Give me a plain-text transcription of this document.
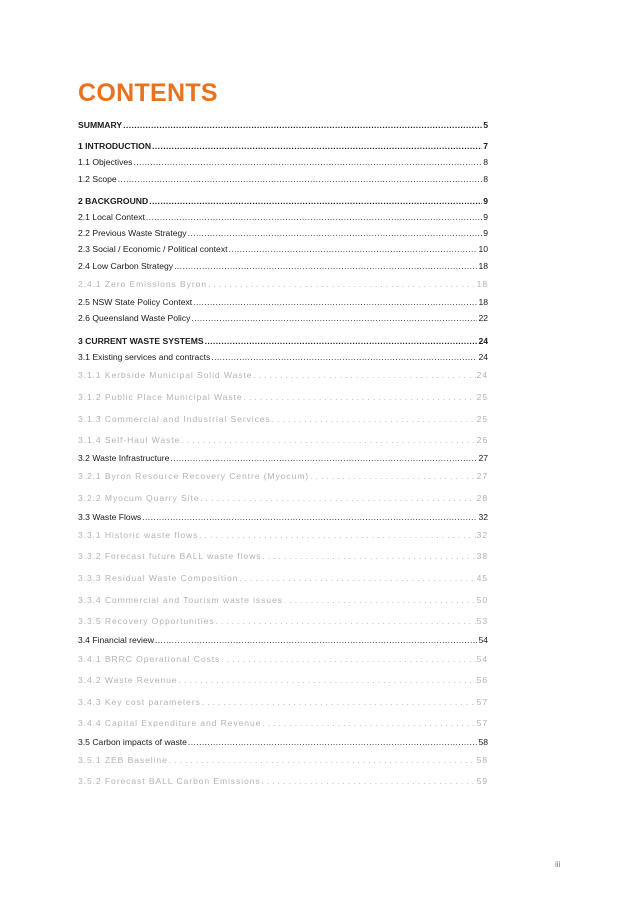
CONTENTS
SUMMARY .....	5
1 INTRODUCTION .....	7
1.1 Objectives .....	8
1.2 Scope .....	8
2 BACKGROUND .....	9
2.1 Local Context .....	9
2.2 Previous Waste Strategy .....	9
2.3 Social / Economic / Political context .....	10
2.4 Low Carbon Strategy .....	18
2.4.1 Zero Emissions Byron .....	18
2.5 NSW State Policy Context .....	18
2.6 Queensland Waste Policy .....	22
3 CURRENT WASTE SYSTEMS .....	24
3.1 Existing services and contracts .....	24
3.1.1 Kerbside Municipal Solid Waste .....	24
3.1.2 Public Place Municipal Waste .....	25
3.1.3 Commercial and Industrial Services .....	25
3.1.4 Self-Haul Waste .....	26
3.2 Waste Infrastructure .....	27
3.2.1 Byron Resource Recovery Centre (Myocum) .....	27
3.2.2 Myocum Quarry Site .....	28
3.3 Waste Flows .....	32
3.3.1 Historic waste flows .....	32
3.3.2 Forecast future BALL waste flows .....	38
3.3.3 Residual Waste Composition .....	45
3.3.4 Commercial and Tourism waste issues .....	50
3.3.5 Recovery Opportunities .....	53
3.4 Financial review .....	54
3.4.1 BRRC Operational Costs .....	54
3.4.2 Waste Revenue .....	56
3.4.3 Key cost parameters .....	57
3.4.4 Capital Expenditure and Revenue .....	57
3.5 Carbon impacts of waste .....	58
3.5.1 ZEB Baseline .....	58
3.5.2 Forecast BALL Carbon Emissions .....	59
iii
